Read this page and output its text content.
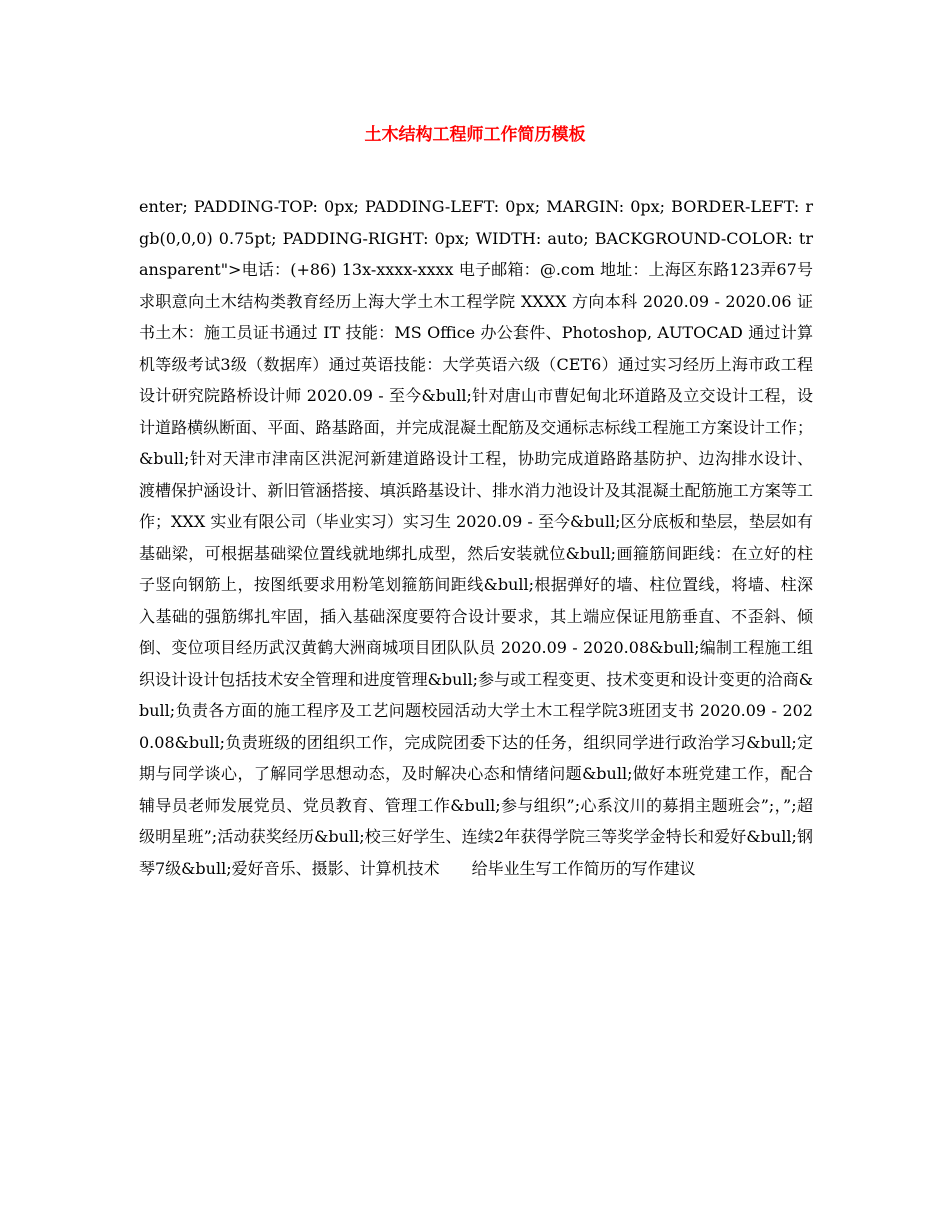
土木结构工程师工作简历模板
enter; PADDING-TOP: 0px; PADDING-LEFT: 0px; MARGIN: 0px; BORDER-LEFT: rgb(0,0,0) 0.75pt; PADDING-RIGHT: 0px; WIDTH: auto; BACKGROUND-COLOR: transparent">电话：(+86) 13x-xxxx-xxxx 电子邮箱：@.com 地址：上海区东路123弄67号求职意向土木结构类教育经历上海大学土木工程学院 XXXX 方向本科 2020.09 - 2020.06 证书土木：施工员证书通过 IT 技能：MS Office 办公套件、Photoshop, AUTOCAD 通过计算机等级考试3级（数据库）通过英语技能：大学英语六级（CET6）通过实习经历上海市政工程设计研究院路桥设计师 2020.09 - 至今&bull;针对唐山市曹妃甸北环道路及立交设计工程，设计道路横纵断面、平面、路基路面，并完成混凝土配筋及交通标志标线工程施工方案设计工作；&bull;针对天津市津南区洪泥河新建道路设计工程，协助完成道路路基防护、边沟排水设计、渡槽保护涵设计、新旧管涵搭接、填浜路基设计、排水消力池设计及其混凝土配筋施工方案等工作；XXX 实业有限公司（毕业实习）实习生 2020.09 - 至今&bull;区分底板和垫层，垫层如有基础梁，可根据基础梁位置线就地绑扎成型，然后安装就位&bull;画箍筋间距线：在立好的柱子竖向钢筋上，按图纸要求用粉笔划箍筋间距线&bull;根据弹好的墙、柱位置线，将墙、柱深入基础的强筋绑扎牢固，插入基础深度要符合设计要求，其上端应保证甩筋垂直、不歪斜、倾倒、变位项目经历武汉黄鹤大洲商城项目团队队员 2020.09 - 2020.08&bull;编制工程施工组织设计设计包括技术安全管理和进度管理&bull;参与或工程变更、技术变更和设计变更的洽商&bull;负责各方面的施工程序及工艺问题校园活动大学土木工程学院3班团支书 2020.09 - 2020.08&bull;负责班级的团组织工作，完成院团委下达的任务，组织同学进行政治学习&bull;定期与同学谈心，了解同学思想动态，及时解决心态和情绪问题&bull;做好本班党建工作，配合辅导员老师发展党员、党员教育、管理工作&bull;参与组织”;心系汶川的募捐主题班会”;，”;超级明星班”;活动获奖经历&bull;校三好学生、连续2年获得学院三等奖学金特长和爱好&bull;钢琴7级&bull;爱好音乐、摄影、计算机技术　　给毕业生写工作简历的写作建议
